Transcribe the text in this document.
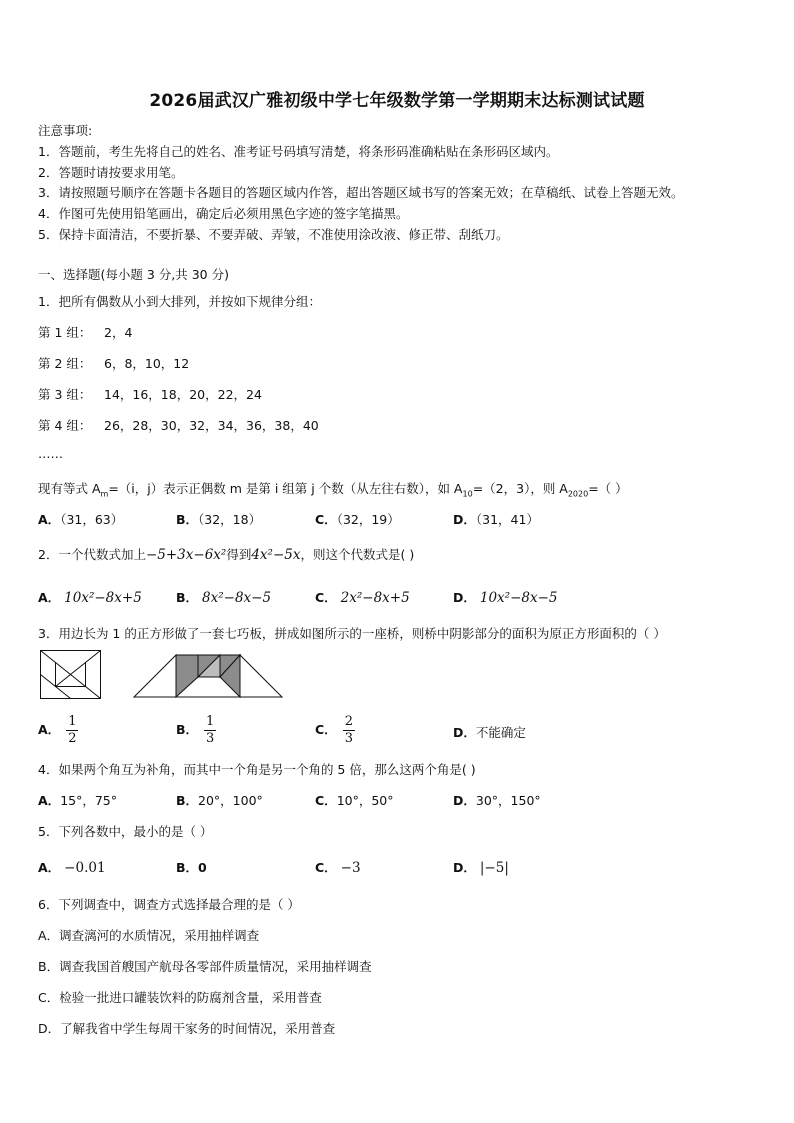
2026届武汉广雅初级中学七年级数学第一学期期末达标测试试题
注意事项:
1．答题前，考生先将自己的姓名、准考证号码填写清楚，将条形码准确粘贴在条形码区域内。
2．答题时请按要求用笔。
3．请按照题号顺序在答题卡各题目的答题区域内作答，超出答题区域书写的答案无效；在草稿纸、试卷上答题无效。
4．作图可先使用铅笔画出，确定后必须用黑色字迹的签字笔描黑。
5．保持卡面清洁，不要折暴、不要弄破、弄皱，不准使用涂改液、修正带、刮纸刀。
一、选择题(每小题 3 分,共 30 分)
1．把所有偶数从小到大排列，并按如下规律分组：
第 1 组： 2，4
第 2 组： 6，8，10，12
第 3 组： 14，16，18，20，22，24
第 4 组： 26，28，30，32，34，36，38，40
……
现有等式 $A_m=(i$，j）表示正偶数 m 是第 i 组第 j 个数（从左往右数），如 $A_{10}=(2$，3），则 $A_{2020}=$（ ）
A．（31，63）	B．（32，18）	C．（32，19）	D．（31，41）
2．一个代数式加上−5+3x−6x²得到4x²−5x，则这个代数式是( )
A． 10x²−8x+5	B． 8x²−8x−5	C． 2x²−8x+5	D． 10x²−8x−5
3．用边长为 1 的正方形做了一套七巧板，拼成如图所示的一座桥，则桥中阴影部分的面积为原正方形面积的（ ）
A． $\frac{1}{2}$	B． $\frac{1}{3}$	C． $\frac{2}{3}$	D．不能确定
4．如果两个角互为补角，而其中一个角是另一个角的 5 倍，那么这两个角是( )
A．15°，75°	B．20°，100°	C．10°，50°	D．30°，150°
5．下列各数中，最小的是（ ）
A． −0.01	B．0	C． −3	D． |−5|
6．下列调查中，调查方式选择最合理的是（ ）
A．调查漓河的水质情况，采用抽样调查
B．调查我国首艘国产航母各零部件质量情况，采用抽样调查
C．检验一批进口罐装饮料的防腐剂含量，采用普查
D．了解我省中学生每周干家务的时间情况，采用普查
